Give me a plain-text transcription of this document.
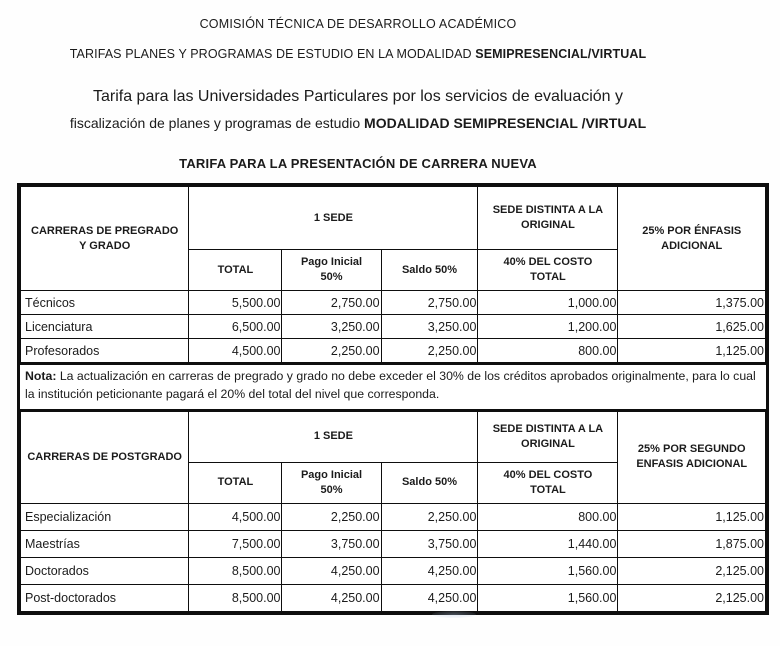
COMISIÓN TÉCNICA DE DESARROLLO ACADÉMICO
TARIFAS PLANES Y PROGRAMAS DE ESTUDIO EN LA MODALIDAD SEMIPRESENCIAL/VIRTUAL
Tarifa para las Universidades Particulares por los servicios de evaluación y
fiscalización de planes y programas de estudio MODALIDAD SEMIPRESENCIAL /VIRTUAL
TARIFA PARA LA PRESENTACIÓN DE CARRERA NUEVA
CARRERAS DE PREGRADO Y GRADO	1 SEDE			SEDE DISTINTA A LA ORIGINAL	25% POR ÉNFASIS ADICIONAL
	TOTAL	Pago Inicial 50%	Saldo 50%	40% DEL COSTO TOTAL	
Técnicos	5,500.00	2,750.00	2,750.00	1,000.00	1,375.00
Licenciatura	6,500.00	3,250.00	3,250.00	1,200.00	1,625.00
Profesorados	4,500.00	2,250.00	2,250.00	800.00	1,125.00
Nota: La actualización en carreras de pregrado y grado no debe exceder el 30% de los créditos aprobados originalmente, para lo cual la institución peticionante pagará el 20% del total del nivel que corresponda.
CARRERAS DE POSTGRADO	1 SEDE			SEDE DISTINTA A LA ORIGINAL	25% POR SEGUNDO ENFASIS ADICIONAL
	TOTAL	Pago Inicial 50%	Saldo 50%	40% DEL COSTO TOTAL	
Especialización	4,500.00	2,250.00	2,250.00	800.00	1,125.00
Maestrías	7,500.00	3,750.00	3,750.00	1,440.00	1,875.00
Doctorados	8,500.00	4,250.00	4,250.00	1,560.00	2,125.00
Post-doctorados	8,500.00	4,250.00	4,250.00	1,560.00	2,125.00
